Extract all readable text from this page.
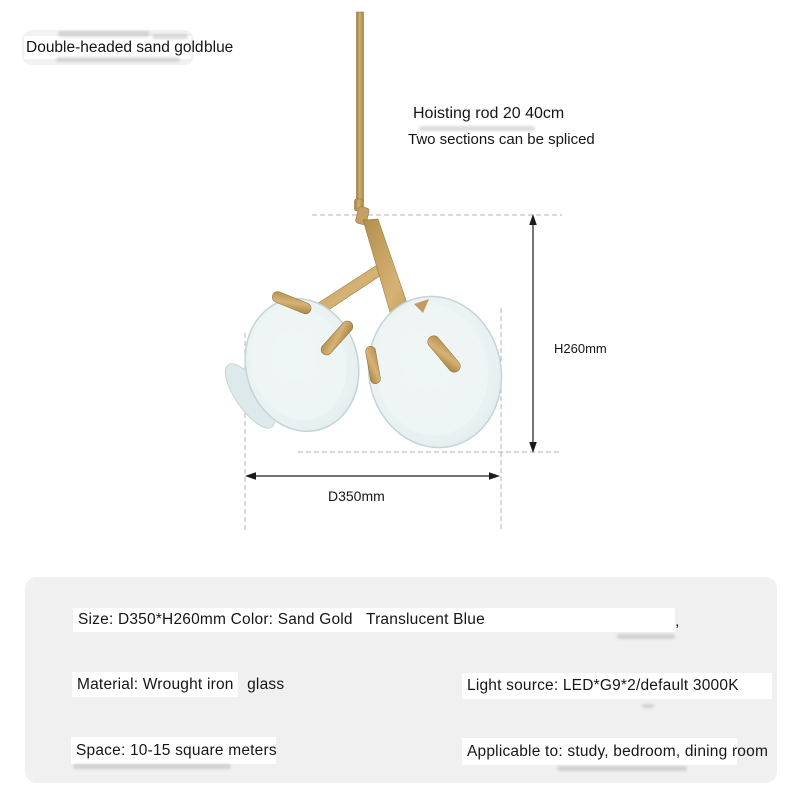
Double-headed sand gold blue
Hoisting rod 20 40cm
Two sections can be spliced
H260mm
D350mm
Size: D350*H260mm Color: Sand Gold   Translucent Blue	,
Material: Wrought iron   glass	Light source: LED*G9*2/default 3000K
Space: 10-15 square meters	Applicable to: study, bedroom, dining room
